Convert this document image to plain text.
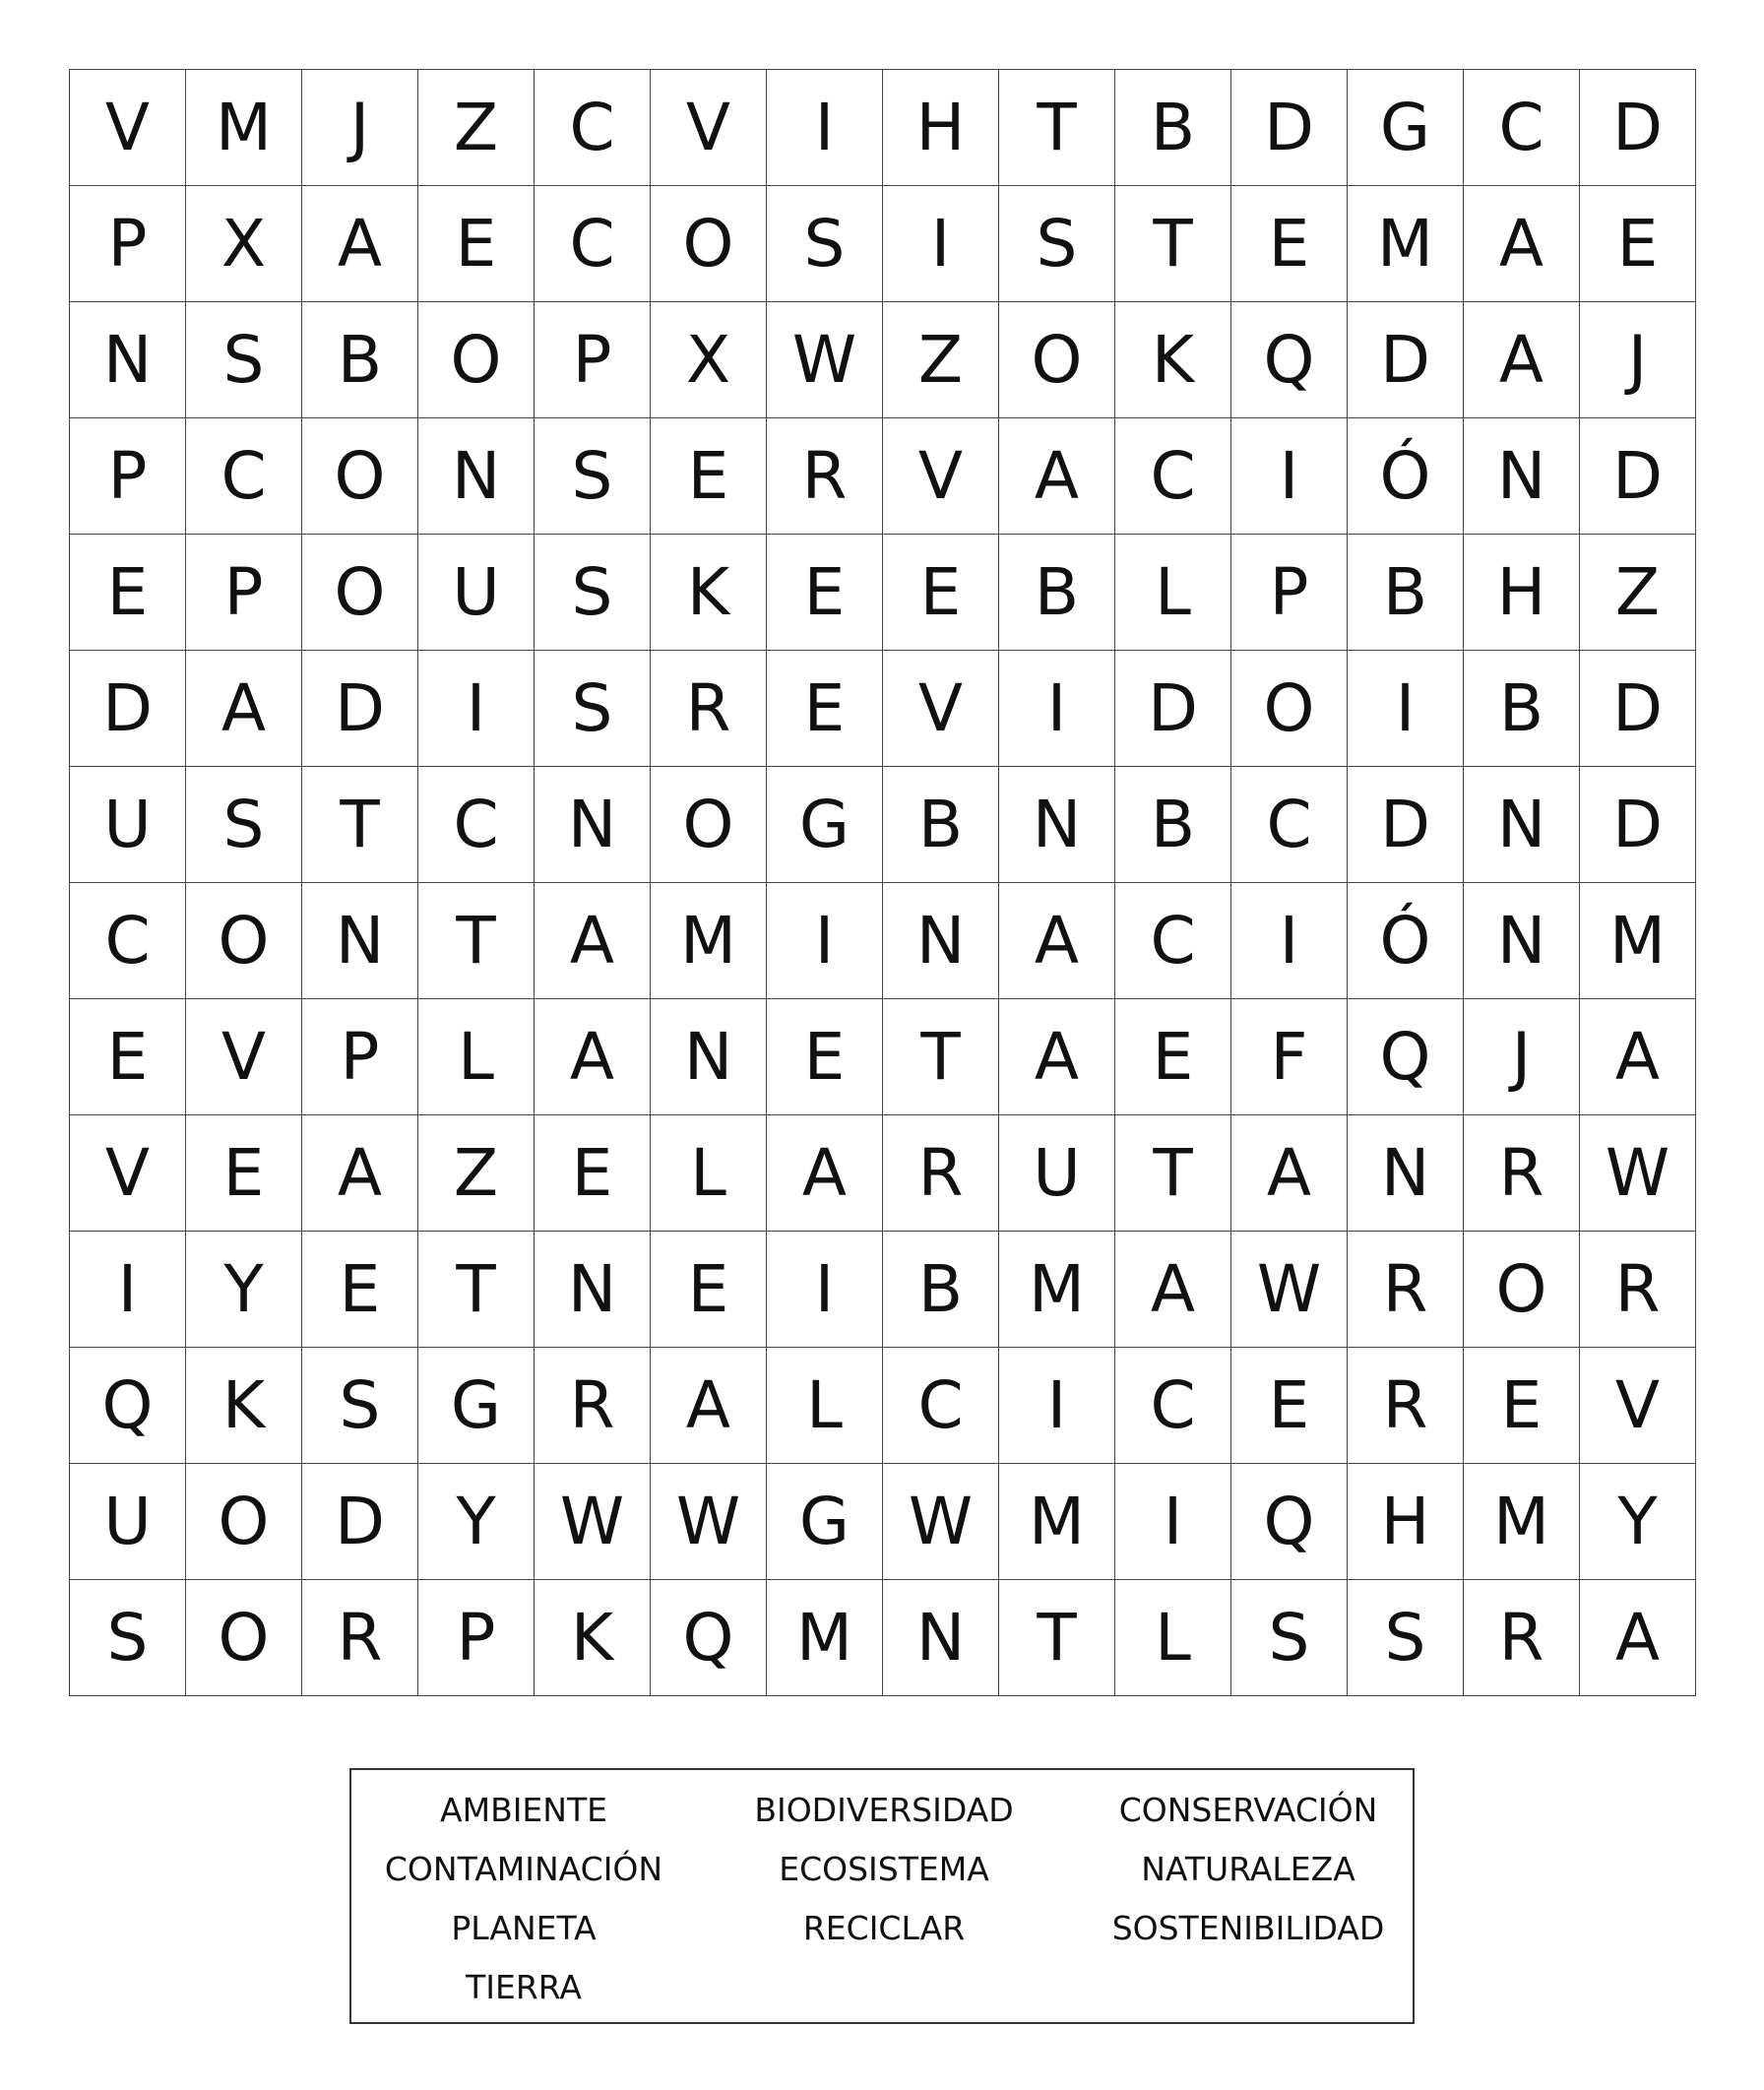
V	M	J	Z	C	V	I	H	T	B	D	G	C	D
P	X	A	E	C	O	S	I	S	T	E	M	A	E
N	S	B	O	P	X W Z	O	K	Q	D	A	J
P	C	O	N	S	E	R	V	A	C	I	Ó	N	D
E	P	O	U	S	K	E	E	B	L	P	B	H	Z
D	A	D	I	S	R	E	V	I	D	O	I	B	D
U	S	T	C	N	O	G	B	N	B	C	D	N	D
C	O	N	T	A	M	I	N	A	C	I	Ó	N M
E	V	P	L	A	N	E	T	A	E	F	Q	J	A
V	E	A	Z	E	L	A	R	U	T	A	N	R W
I	Y	E	T	N	E	I	B	M	A W R	O	R
Q	K	S	G	R	A	L	C	I	C	E	R	E	V
U	O	D	Y W W G W M	I	Q	H M	Y
S	O	R	P	K	Q M N	T	L	S	S	R	A
AMBIENTE	BIODIVERSIDAD	CONSERVACIÓN
CONTAMINACIÓN	ECOSISTEMA	NATURALEZA
PLANETA	RECICLAR	SOSTENIBILIDAD
TIERRA
